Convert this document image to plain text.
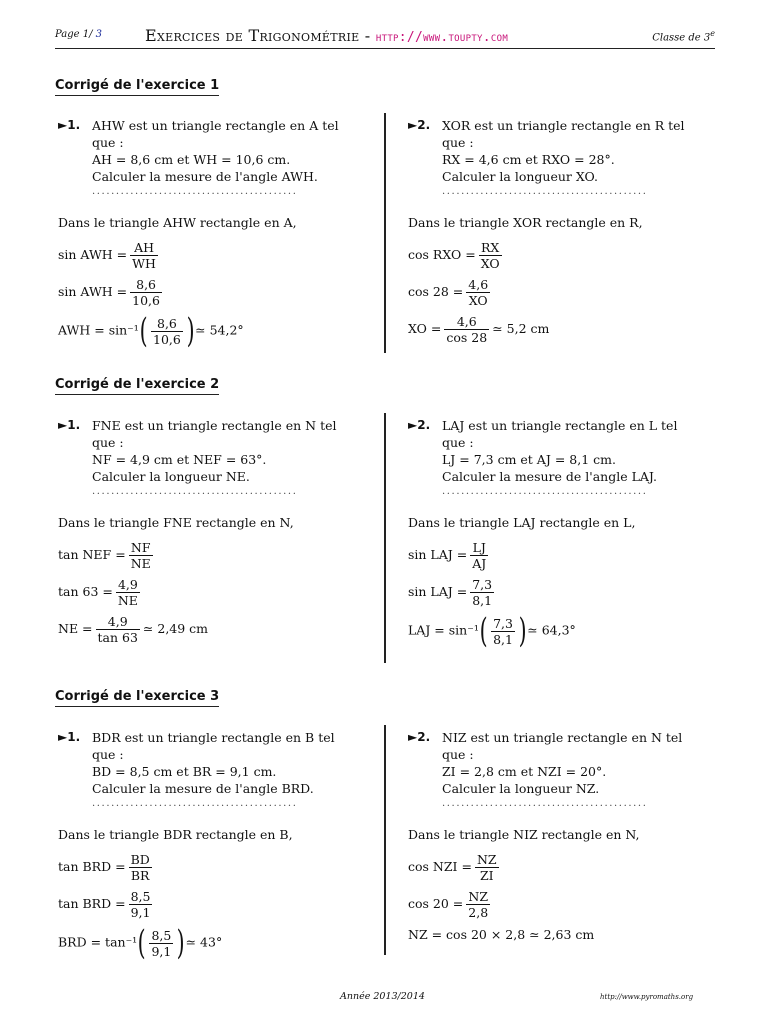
Page 1/ 3	Exercices de Trigonométrie - http://www.toupty.com	Classe de 3e
Corrigé de l'exercice 1
Corrigé de l'exercice 2
Corrigé de l'exercice 3
►1. AHW est un triangle rectangle en A tel que :
AH = 8,6 cm et WH = 10,6 cm.
Calculer la mesure de l'angle AWH.
...........................................
Dans le triangle AHW rectangle en A,
sin AWH = $\frac{AH}{WH}$
sin AWH = $\frac{8,6}{10,6}$
AWH = $\sin^{-1}( \frac{8,6}{10,6}$ )≃ 54,2°
►2. XOR est un triangle rectangle en R tel que :
RX = 4,6 cm et RXO = 28°.
Calculer la longueur XO.
...........................................
Dans le triangle XOR rectangle en R,
cos RXO = $\frac{RX}{XO}$
$\cos 28 = \frac{4,6}{XO}$
XO = $\frac{4,6}{\cos 28}$ ≃ 5,2 cm
►1. FNE est un triangle rectangle en N tel que :
NF = 4,9 cm et NEF = 63°.
Calculer la longueur NE.
...........................................
Dans le triangle FNE rectangle en N,
tan NEF = $\frac{NF}{NE}$
$\tan 63 = \frac{4,9}{NE}$
NE = $\frac{4,9}{\tan 63}$ ≃ 2,49 cm
►2. LAJ est un triangle rectangle en L tel que :
LJ = 7,3 cm et AJ = 8,1 cm.
Calculer la mesure de l'angle LAJ.
...........................................
Dans le triangle LAJ rectangle en L,
sin LAJ = $\frac{LJ}{AJ}$
sin LAJ = $\frac{7,3}{8,1}$
LAJ = $\sin^{-1}( \frac{7,3}{8,1}$ )≃ 64,3°
►1. BDR est un triangle rectangle en B tel que :
BD = 8,5 cm et BR = 9,1 cm.
Calculer la mesure de l'angle BRD.
...........................................
Dans le triangle BDR rectangle en B,
tan BRD = $\frac{BD}{BR}$
tan BRD = $\frac{8,5}{9,1}$
BRD = $\tan^{-1}( \frac{8,5}{9,1}$ )≃ 43°
►2. NIZ est un triangle rectangle en N tel que :
ZI = 2,8 cm et NZI = 20°.
Calculer la longueur NZ.
...........................................
Dans le triangle NIZ rectangle en N,
cos NZI = $\frac{NZ}{ZI}$
$\cos 20 = \frac{NZ}{2,8}$
NZ = cos 20 × 2,8 ≃ 2,63 cm
Année 2013/2014	http://www.pyromaths.org
